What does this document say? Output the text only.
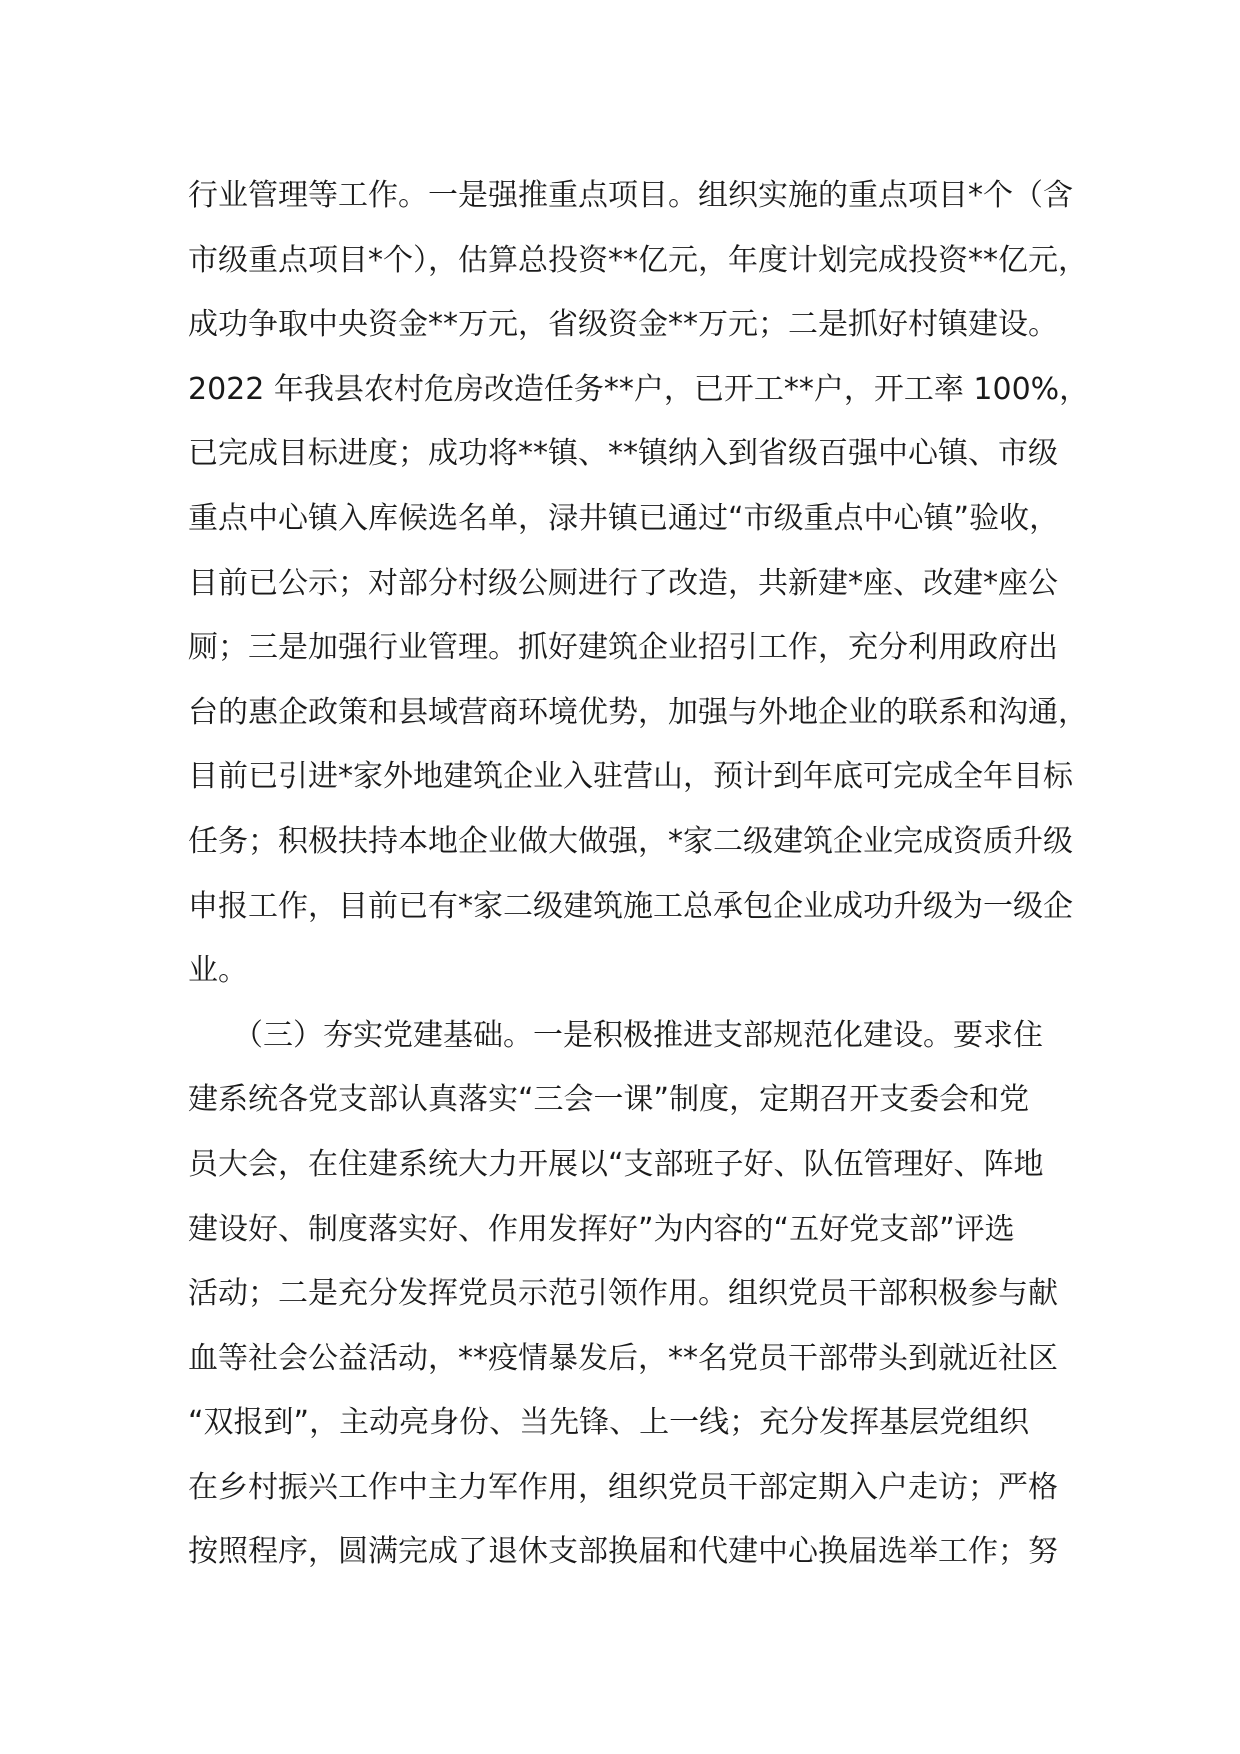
行业管理等工作。一是强推重点项目。组织实施的重点项目*个（含
市级重点项目*个），估算总投资**亿元，年度计划完成投资**亿元，
成功争取中央资金**万元，省级资金**万元；二是抓好村镇建设。
2022 年我县农村危房改造任务**户，已开工**户，开工率 100%，
已完成目标进度；成功将**镇、**镇纳入到省级百强中心镇、市级
重点中心镇入库候选名单，渌井镇已通过“市级重点中心镇”验收，
目前已公示；对部分村级公厕进行了改造，共新建*座、改建*座公
厕；三是加强行业管理。抓好建筑企业招引工作，充分利用政府出
台的惠企政策和县域营商环境优势，加强与外地企业的联系和沟通，
目前已引进*家外地建筑企业入驻营山，预计到年底可完成全年目标
任务；积极扶持本地企业做大做强，*家二级建筑企业完成资质升级
申报工作，目前已有*家二级建筑施工总承包企业成功升级为一级企
业。
　　（三）夯实党建基础。一是积极推进支部规范化建设。要求住
建系统各党支部认真落实“三会一课”制度，定期召开支委会和党
员大会，在住建系统大力开展以“支部班子好、队伍管理好、阵地
建设好、制度落实好、作用发挥好”为内容的“五好党支部”评选
活动；二是充分发挥党员示范引领作用。组织党员干部积极参与献
血等社会公益活动，**疫情暴发后，**名党员干部带头到就近社区
“双报到”，主动亮身份、当先锋、上一线；充分发挥基层党组织
在乡村振兴工作中主力军作用，组织党员干部定期入户走访；严格
按照程序，圆满完成了退休支部换届和代建中心换届选举工作；努
